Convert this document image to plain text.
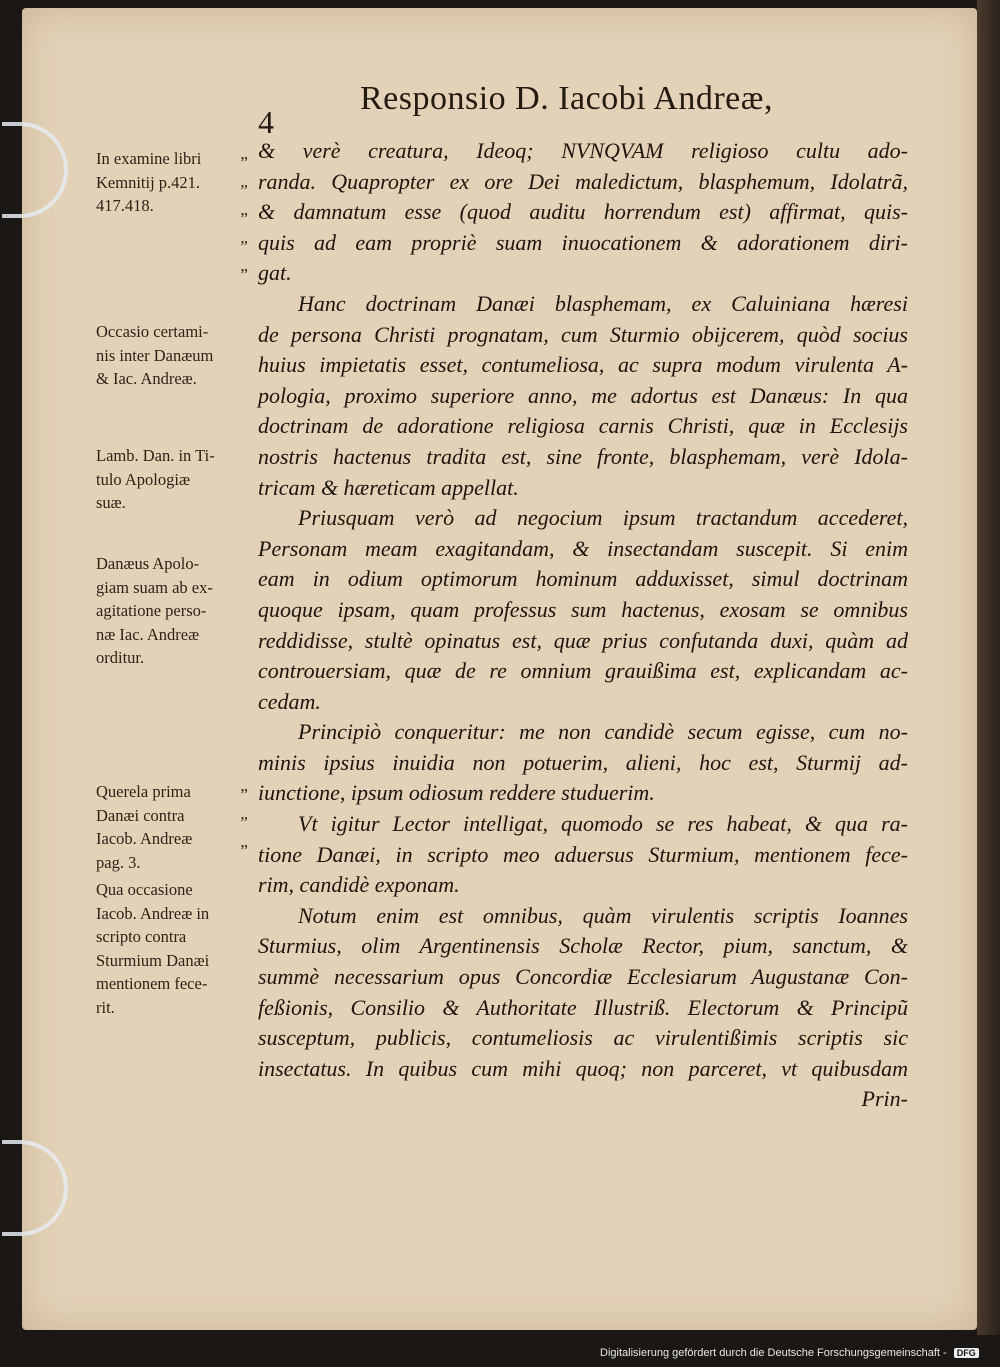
4
Responsio D. Iacobi Andreæ,
In examine libri
Kemnitij p.421.
417.418.
Occasio certami-
nis inter Danæum
& Iac. Andreæ.
Lamb. Dan. in Ti-
tulo Apologiæ
suæ.
Danæus Apolo-
giam suam ab ex-
agitatione perso-
næ Iac. Andreæ
orditur.
Querela prima
Danæi contra
Iacob. Andreæ
pag. 3.
Qua occasione
Iacob. Andreæ in
scripto contra
Sturmium Danæi
mentionem fece-
rit.
„
„
„
„
„
„
„
„
& verè creatura, Ideoq; NVNQVAM religioso cultu ado-
randa. Quapropter ex ore Dei maledictum, blasphemum, Idolatrã,
& damnatum esse (quod auditu horrendum est) affirmat, quis-
quis ad eam propriè suam inuocationem & adorationem diri-
gat.
Hanc doctrinam Danæi blasphemam, ex Caluiniana hæresi
de persona Christi prognatam, cum Sturmio obijcerem, quòd socius
huius impietatis esset, contumeliosa, ac supra modum virulenta A-
pologia, proximo superiore anno, me adortus est Danæus: In qua
doctrinam de adoratione religiosa carnis Christi, quæ in Ecclesijs
nostris hactenus tradita est, sine fronte, blasphemam, verè Idola-
tricam & hæreticam appellat.
Priusquam verò ad negocium ipsum tractandum accederet,
Personam meam exagitandam, & insectandam suscepit. Si enim
eam in odium optimorum hominum adduxisset, simul doctrinam
quoque ipsam, quam professus sum hactenus, exosam se omnibus
reddidisse, stultè opinatus est, quæ prius confutanda duxi, quàm ad
controuersiam, quæ de re omnium grauißima est, explicandam ac-
cedam.
Principiò conqueritur: me non candidè secum egisse, cum no-
minis ipsius inuidia non potuerim, alieni, hoc est, Sturmij ad-
iunctione, ipsum odiosum reddere studuerim.
Vt igitur Lector intelligat, quomodo se res habeat, & qua ra-
tione Danæi, in scripto meo aduersus Sturmium, mentionem fece-
rim, candidè exponam.
Notum enim est omnibus, quàm virulentis scriptis Ioannes
Sturmius, olim Argentinensis Scholæ Rector, pium, sanctum, &
summè necessarium opus Concordiæ Ecclesiarum Augustanæ Con-
feßionis, Consilio & Authoritate Illustriß. Electorum & Principũ
susceptum, publicis, contumeliosis ac virulentißimis scriptis sic
insectatus. In quibus cum mihi quoq; non parceret, vt quibusdam
Prin-
Digitalisierung gefördert durch die Deutsche Forschungsgemeinschaft - DFG
